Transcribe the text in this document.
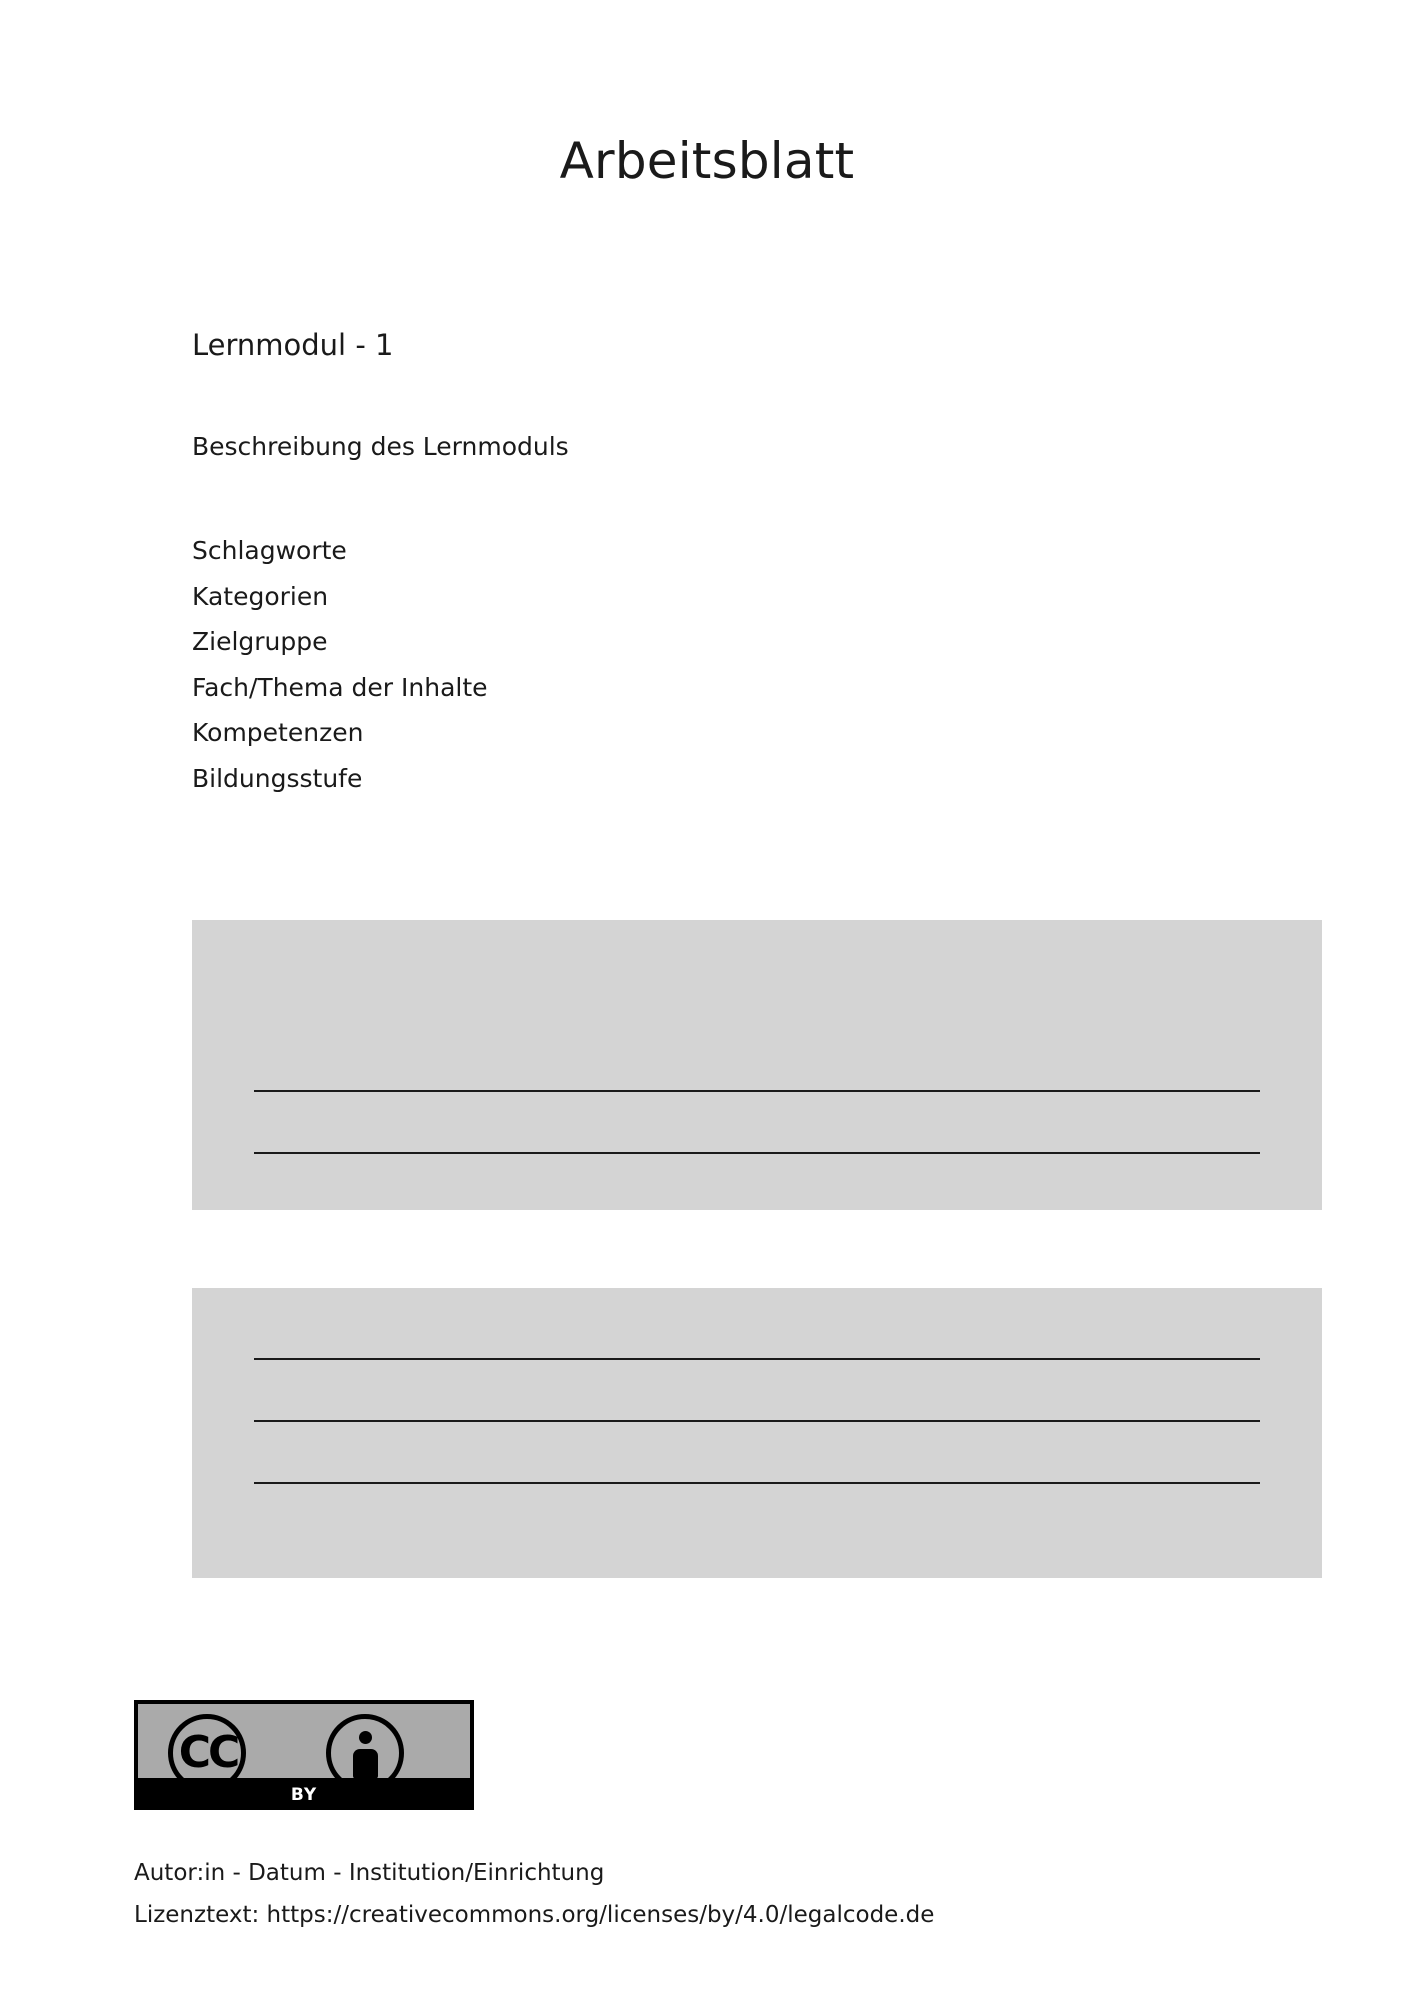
Arbeitsblatt
Lernmodul - 1
Beschreibung des Lernmoduls
Schlagworte
Kategorien
Zielgruppe
Fach/Thema der Inhalte
Kompetenzen
Bildungsstufe
CC
BY
Autor:in - Datum - Institution/Einrichtung
Lizenztext: https://creativecommons.org/licenses/by/4.0/legalcode.de
